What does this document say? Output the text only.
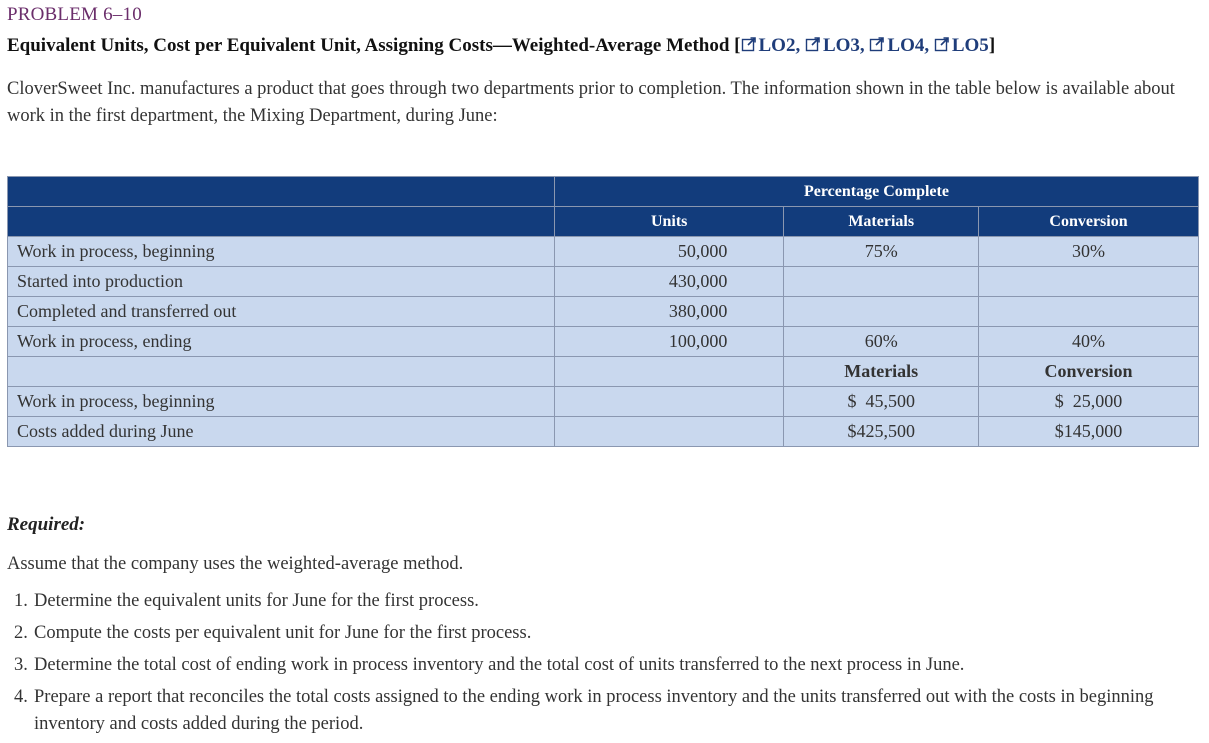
PROBLEM 6–10
Equivalent Units, Cost per Equivalent Unit, Assigning Costs—Weighted-Average Method [ LO2, LO3, LO4, LO5]
CloverSweet Inc. manufactures a product that goes through two departments prior to completion. The information shown in the table below is available about work in the first department, the Mixing Department, during June:
	Percentage Complete		
	Units	Materials	Conversion
Work in process, beginning	50,000	75%	30%
Started into production	430,000		
Completed and transferred out	380,000		
Work in process, ending	100,000	60%	40%
		Materials	Conversion
Work in process, beginning		$  45,500	$  25,000
Costs added during June		$425,500	$145,000
Required:
Assume that the company uses the weighted-average method.
1. Determine the equivalent units for June for the first process.
2. Compute the costs per equivalent unit for June for the first process.
3. Determine the total cost of ending work in process inventory and the total cost of units transferred to the next process in June.
4. Prepare a report that reconciles the total costs assigned to the ending work in process inventory and the units transferred out with the costs in beginning inventory and costs added during the period.
